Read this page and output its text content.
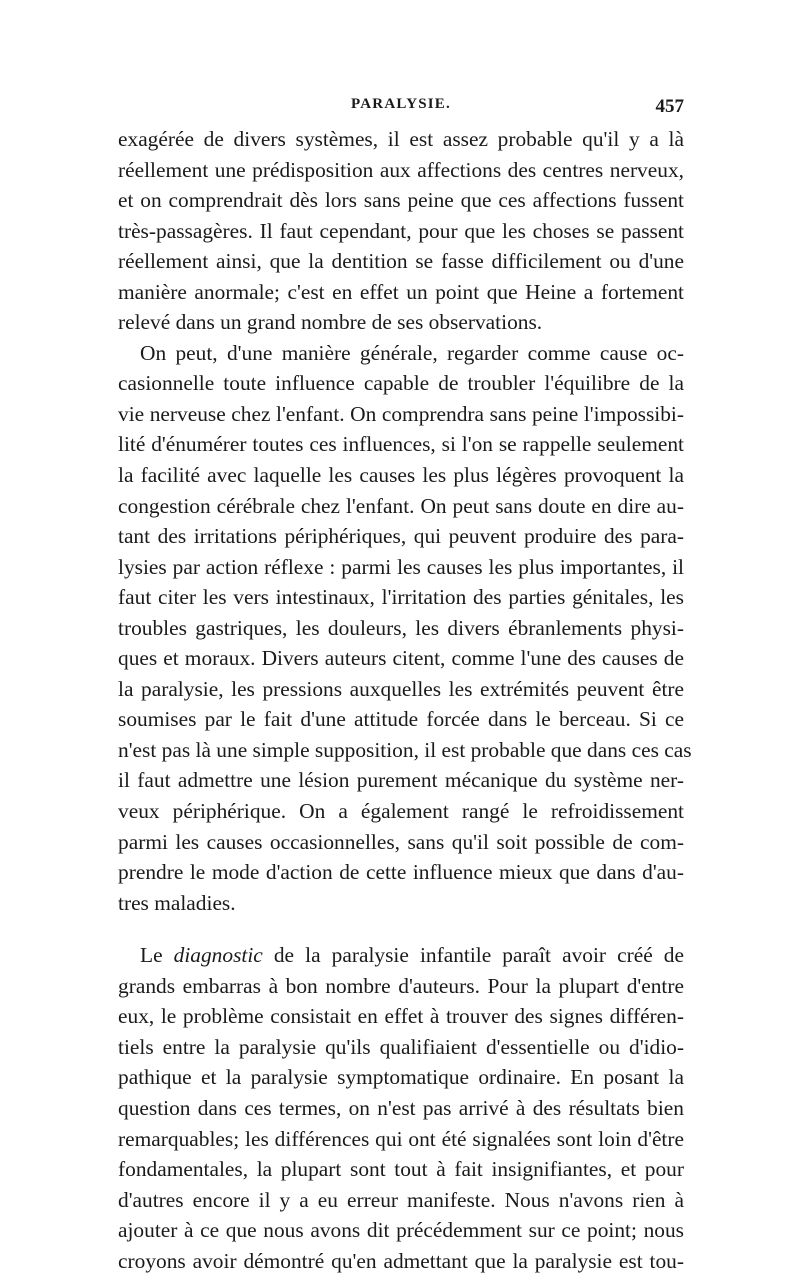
PARALYSIE.	457
exagérée de divers systèmes, il est assez probable qu'il y a là
réellement une prédisposition aux affections des centres nerveux,
et on comprendrait dès lors sans peine que ces affections fussent
très-passagères. Il faut cependant, pour que les choses se passent
réellement ainsi, que la dentition se fasse difficilement ou d'une
manière anormale; c'est en effet un point que Heine a fortement
relevé dans un grand nombre de ses observations.
On peut, d'une manière générale, regarder comme cause oc-
casionnelle toute influence capable de troubler l'équilibre de la
vie nerveuse chez l'enfant. On comprendra sans peine l'impossibi-
lité d'énumérer toutes ces influences, si l'on se rappelle seulement
la facilité avec laquelle les causes les plus légères provoquent la
congestion cérébrale chez l'enfant. On peut sans doute en dire au-
tant des irritations périphériques, qui peuvent produire des para-
lysies par action réflexe : parmi les causes les plus importantes, il
faut citer les vers intestinaux, l'irritation des parties génitales, les
troubles gastriques, les douleurs, les divers ébranlements physi-
ques et moraux. Divers auteurs citent, comme l'une des causes de
la paralysie, les pressions auxquelles les extrémités peuvent être
soumises par le fait d'une attitude forcée dans le berceau. Si ce
n'est pas là une simple supposition, il est probable que dans ces cas
il faut admettre une lésion purement mécanique du système ner-
veux périphérique. On a également rangé le refroidissement
parmi les causes occasionnelles, sans qu'il soit possible de com-
prendre le mode d'action de cette influence mieux que dans d'au-
tres maladies.
Le diagnostic de la paralysie infantile paraît avoir créé de
grands embarras à bon nombre d'auteurs. Pour la plupart d'entre
eux, le problème consistait en effet à trouver des signes différen-
tiels entre la paralysie qu'ils qualifiaient d'essentielle ou d'idio-
pathique et la paralysie symptomatique ordinaire. En posant la
question dans ces termes, on n'est pas arrivé à des résultats bien
remarquables; les différences qui ont été signalées sont loin d'être
fondamentales, la plupart sont tout à fait insignifiantes, et pour
d'autres encore il y a eu erreur manifeste. Nous n'avons rien à
ajouter à ce que nous avons dit précédemment sur ce point; nous
croyons avoir démontré qu'en admettant que la paralysie est tou-
